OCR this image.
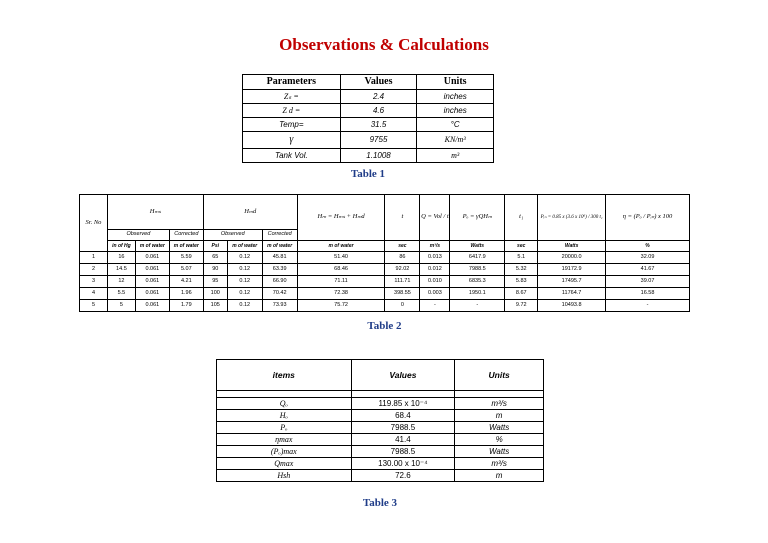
Observations & Calculations
Parameters	Values	Units
Zₛ =	2.4	inches
Z d =	4.6	inches
Temp=	31.5	°C
γ	9755	KN/m³
Tank Vol.	1.1008	m³
Table 1
Sr. No	Hₘₛ			Hₘd			Hₘ = Hₘₛ + Hₘd	t	Q = Vol / t	Pₒ = γQHₘ	t₁	Pᵢₙ = 0.85 x (3.6 x 10⁶) / 300 t₁	η = (Pₒ / Pᵢₙ) x 100
	Observed		Corrected	Observed		Corrected							
	in of Hg	m of water	m of water	Psi	m of water	m of water	m of water	sec	m³/s	Watts	sec	Watts	%
1	16	0.061	5.59	65	0.12	45.81	51.40	86	0.013	6417.9	5.1	20000.0	32.09
2	14.5	0.061	5.07	90	0.12	63.39	68.46	92.02	0.012	7988.5	5.32	19172.9	41.67
3	12	0.061	4.21	95	0.12	66.90	71.11	111.71	0.010	6835.3	5.83	17495.7	39.07
4	5.5	0.061	1.96	100	0.12	70.42	72.38	398.55	0.003	1950.1	8.67	11764.7	16.58
5	5	0.061	1.79	105	0.12	73.93	75.72	0	-	-	9.72	10493.8	-
Table 2
items	Values	Units

Qₒ	119.85 x 10⁻⁴	m³/s
Hₒ	68.4	m
Pₒ	7988.5	Watts
ηmax	41.4	%
(Pₒ)max	7988.5	Watts
Qmax	130.00 x 10⁻⁴	m³/s
Hsh	72.6	m
Table 3
